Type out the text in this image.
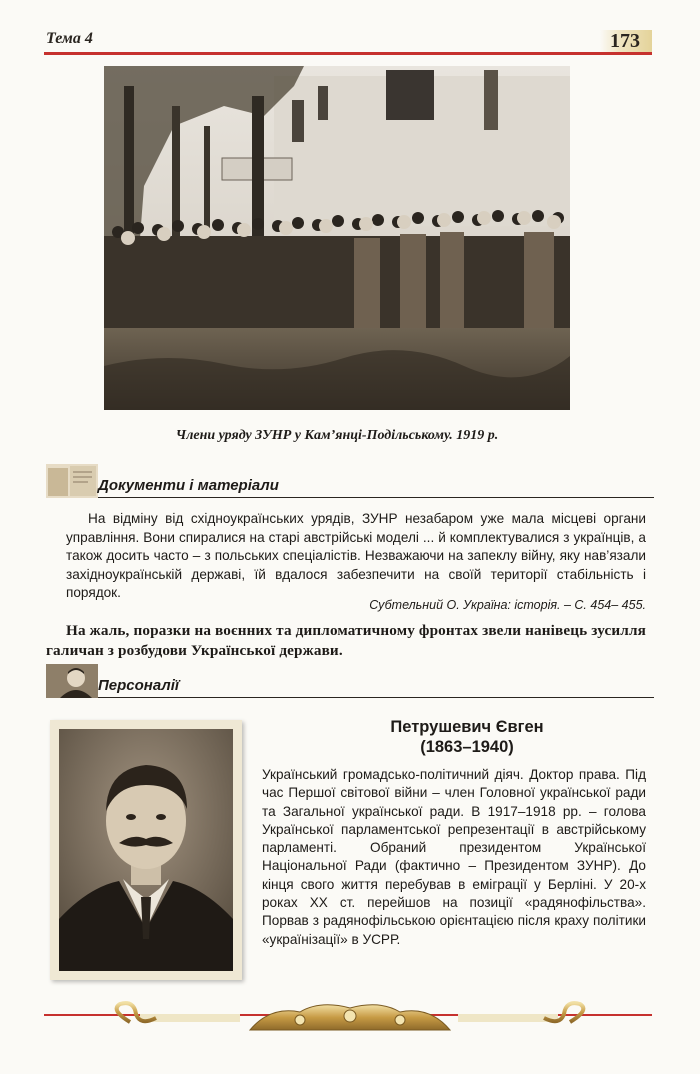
Тема 4	173
Члени уряду ЗУНР у Кам’янці-Подільському. 1919 р.
Документи і матеріали
На відміну від східноукраїнських урядів, ЗУНР незабаром уже мала місцеві органи управління. Вони спиралися на старі австрійські моделі ... й комплектувалися з українців, а також досить часто – з польських спеціалістів. Незважаючи на запеклу війну, яку нав’язали західноукраїнській державі, їй вдалося забезпечити на своїй території стабільність і порядок.
Субтельний О. Україна: історія. – С. 454– 455.
На жаль, поразки на воєнних та дипломатичному фронтах звели нанівець зусилля галичан з розбудови Української держави.
Персоналії
Петрушевич Євген
(1863–1940)
Український громадсько-політичний діяч. Доктор права. Під час Першої світової війни – член Головної української ради та Загальної української ради. В 1917–1918 рр. – голова Української парламентської репрезентації в австрійському парламенті. Обраний президентом Української Національної Ради (фактично – Президентом ЗУНР). До кінця свого життя перебував в еміграції у Берліні. У 20-х роках XX ст. перейшов на позиції «радянофільства». Порвав з радянофільською орієнтацією після краху політики «українізації» в УСРР.
